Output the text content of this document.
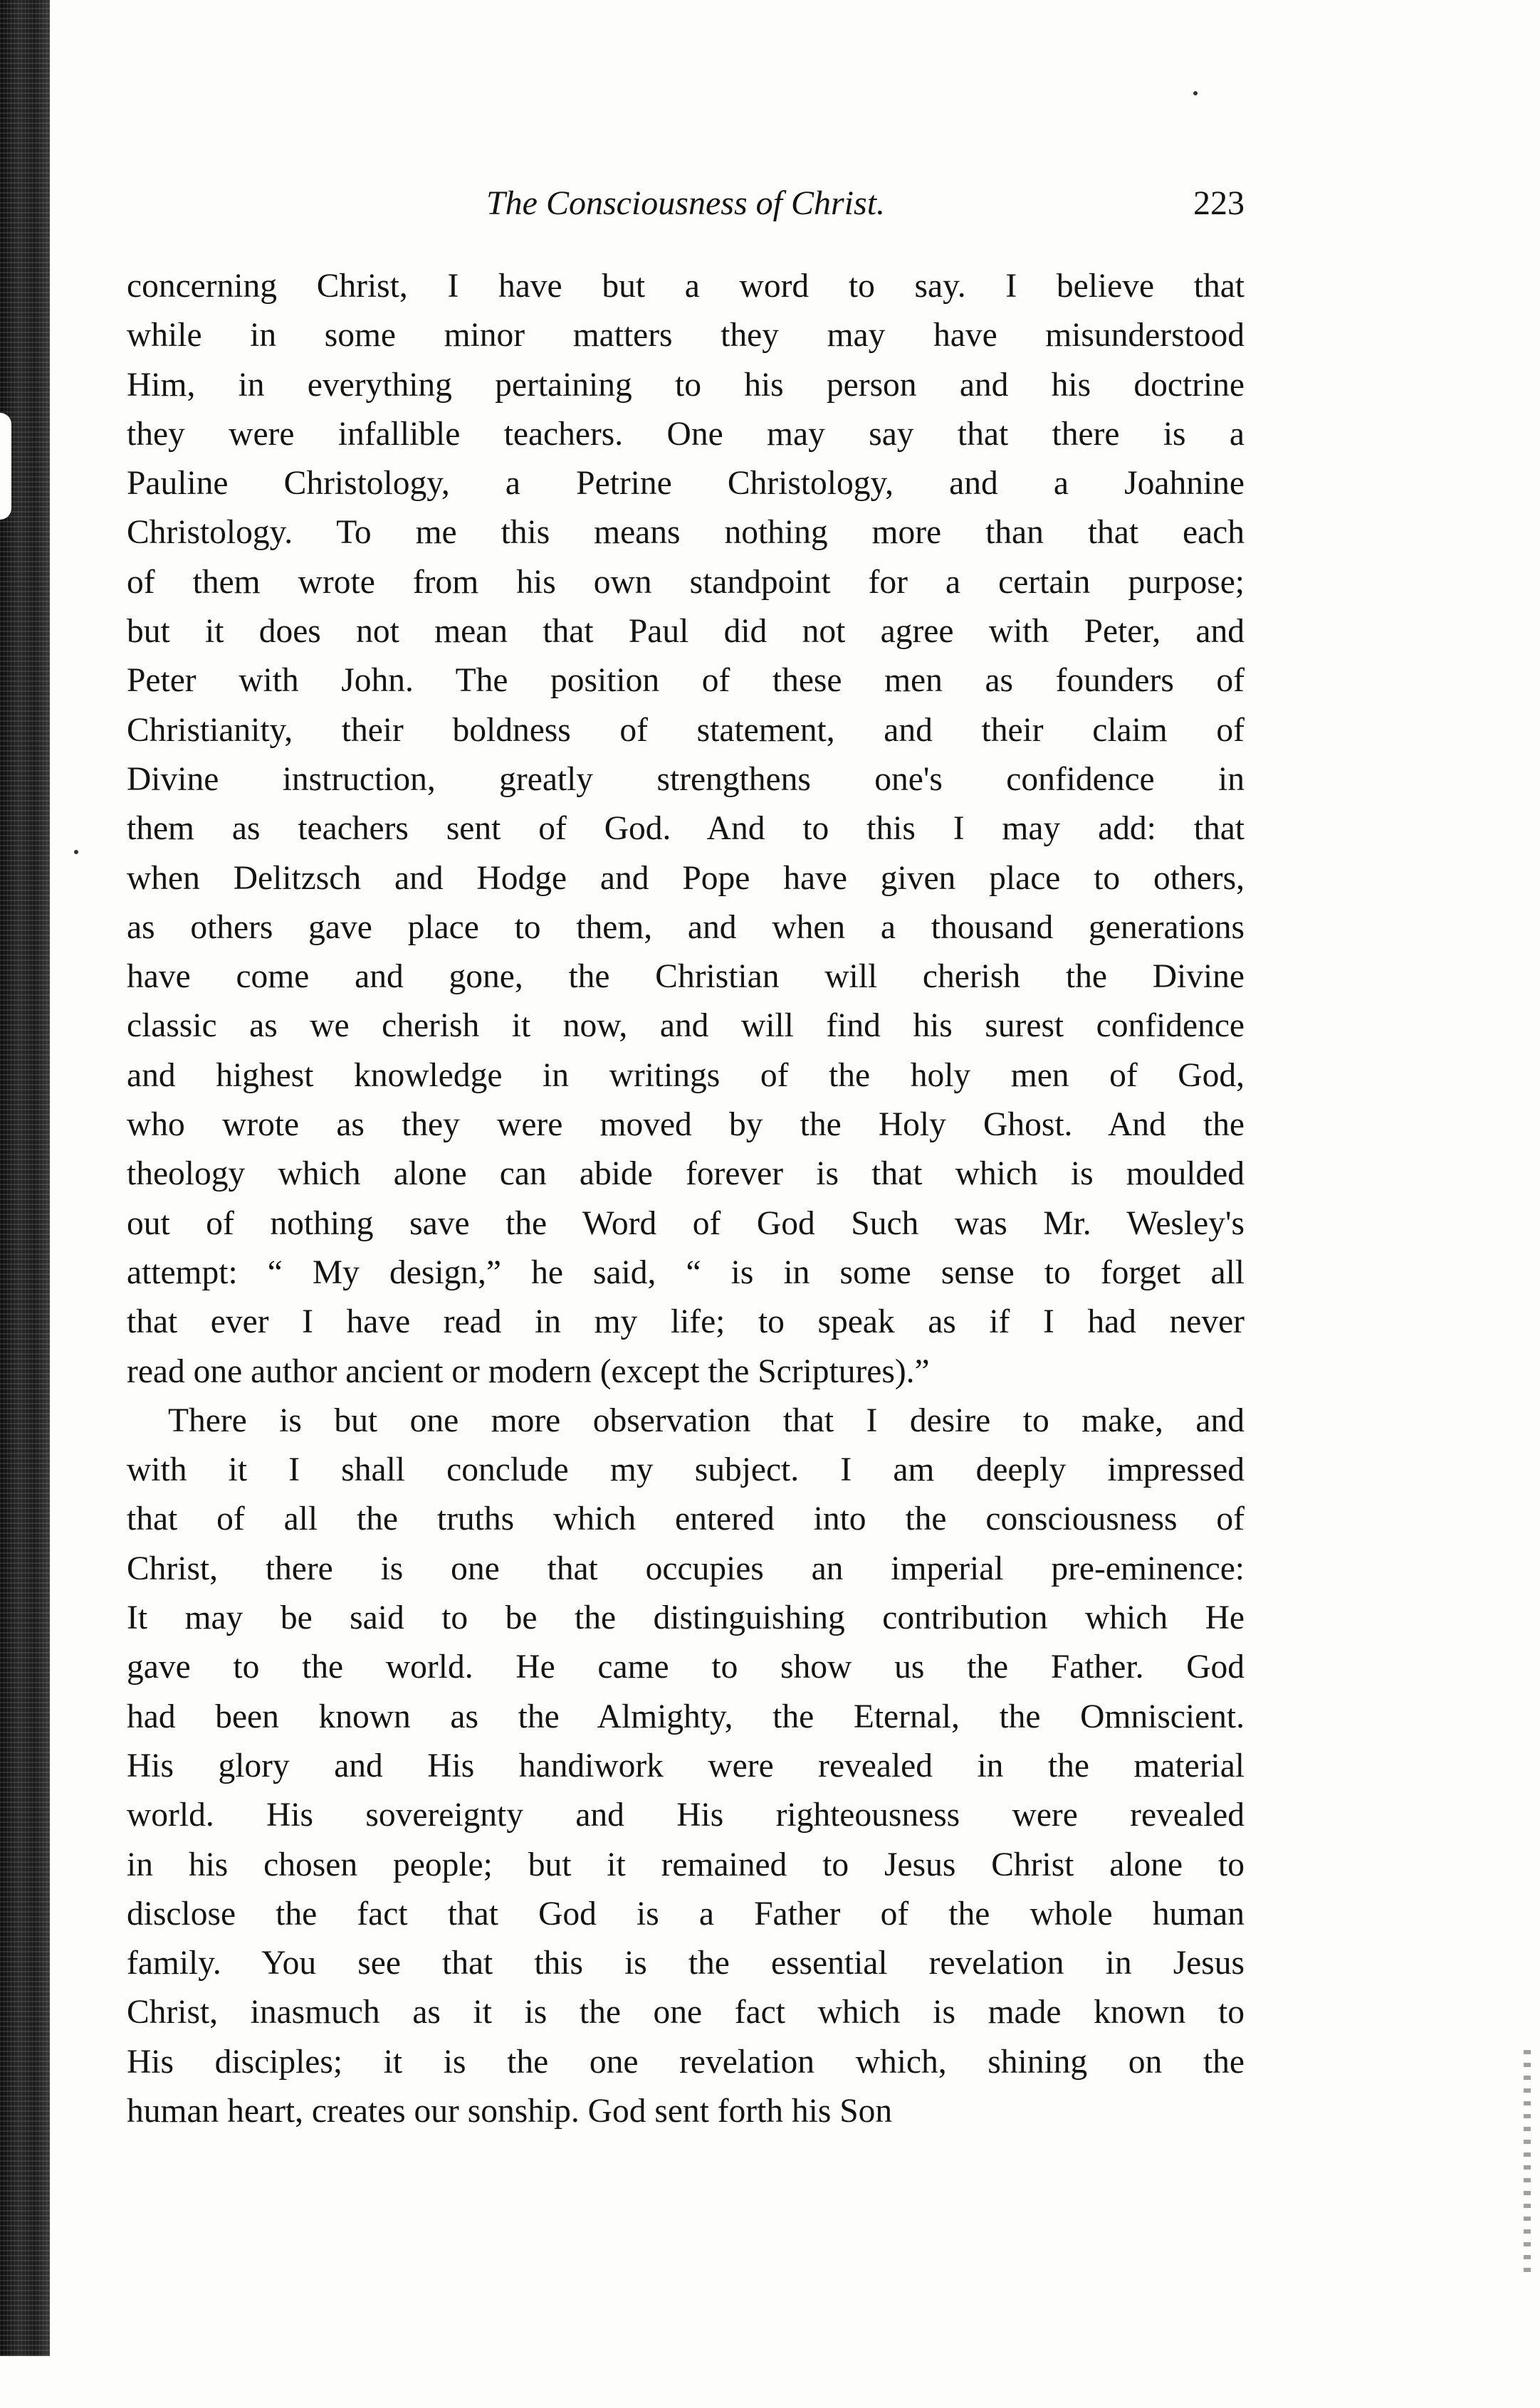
The Consciousness of Christ.	223

concerning Christ, I have but a word to say. I believe that
while in some minor matters they may have misunderstood
Him, in everything pertaining to his person and his doctrine
they were infallible teachers. One may say that there is a
Pauline Christology, a Petrine Christology, and a Joahnine
Christology. To me this means nothing more than that each
of them wrote from his own standpoint for a certain purpose;
but it does not mean that Paul did not agree with Peter, and
Peter with John. The position of these men as founders of
Christianity, their boldness of statement, and their claim of
Divine instruction, greatly strengthens one's confidence in
them as teachers sent of God. And to this I may add: that
when Delitzsch and Hodge and Pope have given place to others,
as others gave place to them, and when a thousand generations
have come and gone, the Christian will cherish the Divine
classic as we cherish it now, and will find his surest confidence
and highest knowledge in writings of the holy men of God,
who wrote as they were moved by the Holy Ghost. And the
theology which alone can abide forever is that which is moulded
out of nothing save the Word of God Such was Mr. Wesley's
attempt: “ My design,” he said, “ is in some sense to forget all
that ever I have read in my life; to speak as if I had never
read one author ancient or modern (except the Scriptures).”

There is but one more observation that I desire to make, and
with it I shall conclude my subject. I am deeply impressed
that of all the truths which entered into the consciousness of
Christ, there is one that occupies an imperial pre-eminence:
It may be said to be the distinguishing contribution which He
gave to the world. He came to show us the Father. God
had been known as the Almighty, the Eternal, the Omniscient.
His glory and His handiwork were revealed in the material
world. His sovereignty and His righteousness were revealed
in his chosen people; but it remained to Jesus Christ alone to
disclose the fact that God is a Father of the whole human
family. You see that this is the essential revelation in Jesus
Christ, inasmuch as it is the one fact which is made known to
His disciples; it is the one revelation which, shining on the
human heart, creates our sonship. God sent forth his Son
